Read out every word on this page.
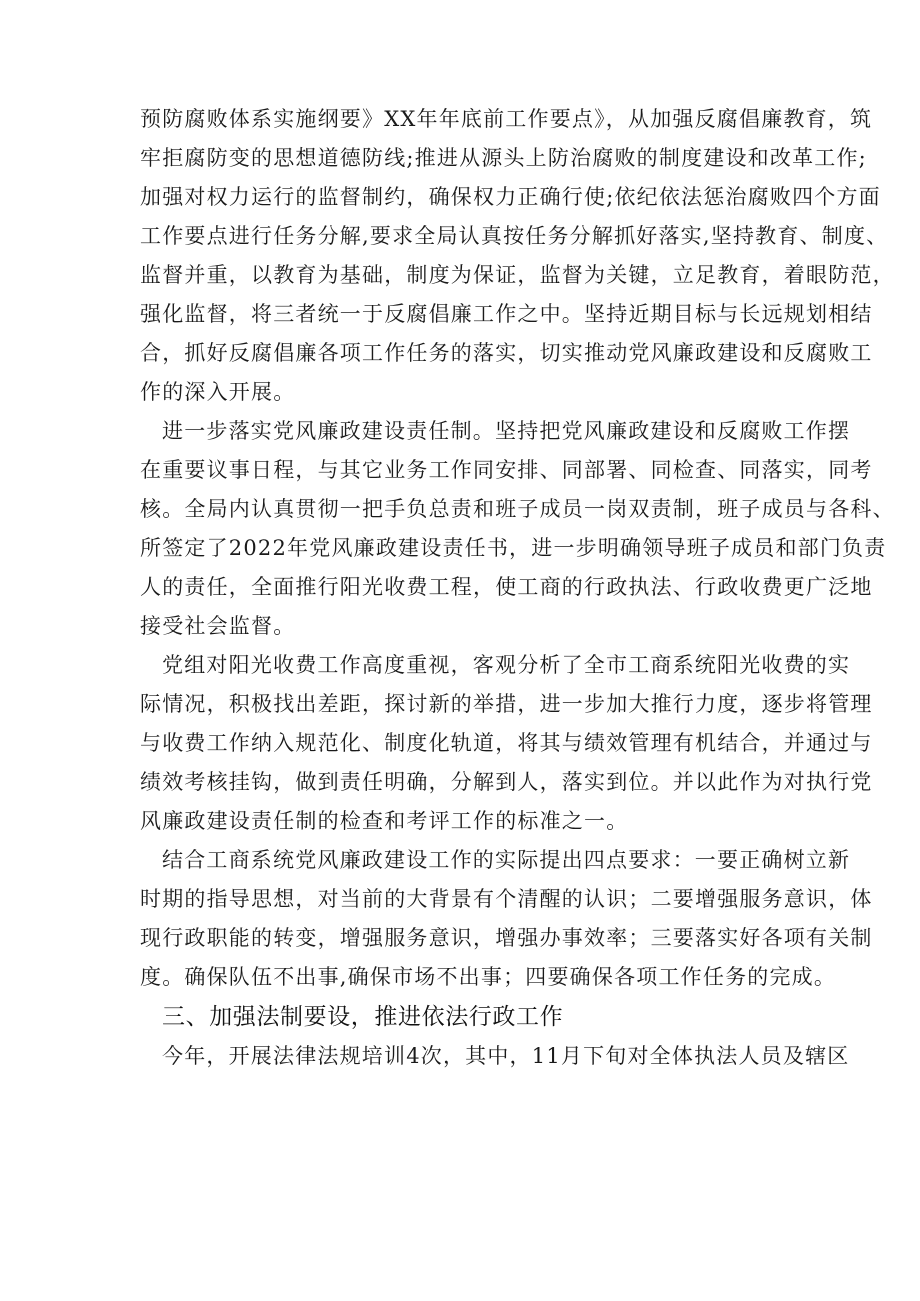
预防腐败体系实施纲要》XX年年底前工作要点》，从加强反腐倡廉教育，筑
牢拒腐防变的思想道德防线;推进从源头上防治腐败的制度建设和改革工作;
加强对权力运行的监督制约，确保权力正确行使;依纪依法惩治腐败四个方面
工作要点进行任务分解,要求全局认真按任务分解抓好落实,坚持教育、制度、
监督并重，以教育为基础，制度为保证，监督为关键，立足教育，着眼防范，
强化监督，将三者统一于反腐倡廉工作之中。坚持近期目标与长远规划相结
合，抓好反腐倡廉各项工作任务的落实，切实推动党风廉政建设和反腐败工
作的深入开展。
进一步落实党风廉政建设责任制。坚持把党风廉政建设和反腐败工作摆
在重要议事日程，与其它业务工作同安排、同部署、同检查、同落实，同考
核。全局内认真贯彻一把手负总责和班子成员一岗双责制，班子成员与各科、
所签定了2022年党风廉政建设责任书，进一步明确领导班子成员和部门负责
人的责任，全面推行阳光收费工程，使工商的行政执法、行政收费更广泛地
接受社会监督。
党组对阳光收费工作高度重视，客观分析了全市工商系统阳光收费的实
际情况，积极找出差距，探讨新的举措，进一步加大推行力度，逐步将管理
与收费工作纳入规范化、制度化轨道，将其与绩效管理有机结合，并通过与
绩效考核挂钩，做到责任明确，分解到人，落实到位。并以此作为对执行党
风廉政建设责任制的检查和考评工作的标准之一。
结合工商系统党风廉政建设工作的实际提出四点要求：一要正确树立新
时期的指导思想，对当前的大背景有个清醒的认识；二要增强服务意识，体
现行政职能的转变，增强服务意识，增强办事效率；三要落实好各项有关制
度。确保队伍不出事,确保市场不出事；四要确保各项工作任务的完成。
三、加强法制要设，推进依法行政工作
今年，开展法律法规培训4次，其中，11月下旬对全体执法人员及辖区
